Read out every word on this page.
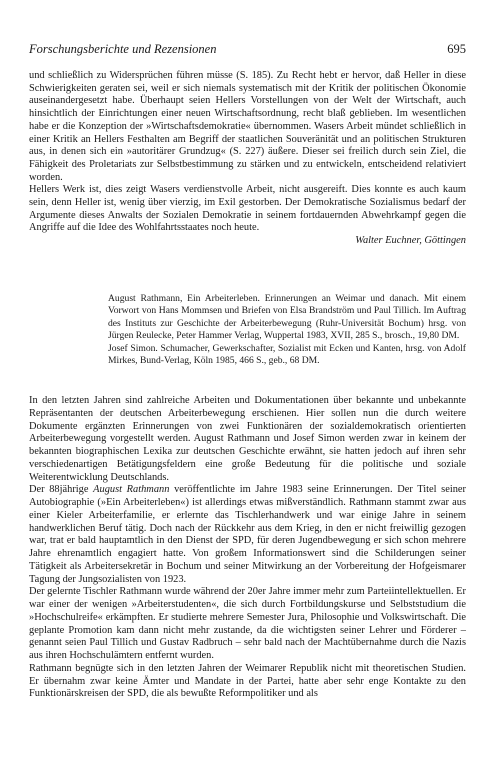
Forschungsberichte und Rezensionen	695

und schließlich zu Widersprüchen führen müsse (S. 185). Zu Recht hebt er hervor, daß Heller in diese Schwierigkeiten geraten sei, weil er sich niemals systematisch mit der Kritik der politischen Ökonomie auseinandergesetzt habe. Überhaupt seien Hellers Vorstellungen von der Welt der Wirtschaft, auch hinsichtlich der Einrichtungen einer neuen Wirtschaftsordnung, recht blaß geblieben. Im wesentlichen habe er die Konzeption der »Wirtschaftsdemokratie« übernommen. Wasers Arbeit mündet schließlich in einer Kritik an Hellers Festhalten am Begriff der staatlichen Souveränität und an politischen Strukturen aus, in denen sich ein »autoritärer Grundzug« (S. 227) äußere. Dieser sei freilich durch sein Ziel, die Fähigkeit des Proletariats zur Selbstbestimmung zu stärken und zu entwickeln, entscheidend relativiert worden.

Hellers Werk ist, dies zeigt Wasers verdienstvolle Arbeit, nicht ausgereift. Dies konnte es auch kaum sein, denn Heller ist, wenig über vierzig, im Exil gestorben. Der Demokratische Sozialismus bedarf der Argumente dieses Anwalts der Sozialen Demokratie in seinem fortdauernden Abwehrkampf gegen die Angriffe auf die Idee des Wohlfahrtsstaates noch heute.

Walter Euchner, Göttingen

August Rathmann, Ein Arbeiterleben. Erinnerungen an Weimar und danach. Mit einem Vorwort von Hans Mommsen und Briefen von Elsa Brandström und Paul Tillich. Im Auftrag des Instituts zur Geschichte der Arbeiterbewegung (Ruhr-Universität Bochum) hrsg. von Jürgen Reulecke, Peter Hammer Verlag, Wuppertal 1983, XVII, 285 S., brosch., 19,80 DM.

Josef Simon. Schumacher, Gewerkschafter, Sozialist mit Ecken und Kanten, hrsg. von Adolf Mirkes, Bund-Verlag, Köln 1985, 466 S., geb., 68 DM.

In den letzten Jahren sind zahlreiche Arbeiten und Dokumentationen über bekannte und unbekannte Repräsentanten der deutschen Arbeiterbewegung erschienen. Hier sollen nun die durch weitere Dokumente ergänzten Erinnerungen von zwei Funktionären der sozialdemokratisch orientierten Arbeiterbewegung vorgestellt werden. August Rathmann und Josef Simon werden zwar in keinem der bekannten biographischen Lexika zur deutschen Geschichte erwähnt, sie hatten jedoch auf ihren sehr verschiedenartigen Betätigungsfeldern eine große Bedeutung für die politische und soziale Weiterentwicklung Deutschlands.

Der 88jährige August Rathmann veröffentlichte im Jahre 1983 seine Erinnerungen. Der Titel seiner Autobiographie (»Ein Arbeiterleben«) ist allerdings etwas mißverständlich. Rathmann stammt zwar aus einer Kieler Arbeiterfamilie, er erlernte das Tischlerhandwerk und war einige Jahre in seinem handwerklichen Beruf tätig. Doch nach der Rückkehr aus dem Krieg, in den er nicht freiwillig gezogen war, trat er bald hauptamtlich in den Dienst der SPD, für deren Jugendbewegung er sich schon mehrere Jahre ehrenamtlich engagiert hatte. Von großem Informationswert sind die Schilderungen seiner Tätigkeit als Arbeitersekretär in Bochum und seiner Mitwirkung an der Vorbereitung der Hofgeismarer Tagung der Jungsozialisten von 1923.

Der gelernte Tischler Rathmann wurde während der 20er Jahre immer mehr zum Parteiintellektuellen. Er war einer der wenigen »Arbeiterstudenten«, die sich durch Fortbildungskurse und Selbststudium die »Hochschulreife« erkämpften. Er studierte mehrere Semester Jura, Philosophie und Volkswirtschaft. Die geplante Promotion kam dann nicht mehr zustande, da die wichtigsten seiner Lehrer und Förderer – genannt seien Paul Tillich und Gustav Radbruch – sehr bald nach der Machtübernahme durch die Nazis aus ihren Hochschulämtern entfernt wurden.

Rathmann begnügte sich in den letzten Jahren der Weimarer Republik nicht mit theoretischen Studien. Er übernahm zwar keine Ämter und Mandate in der Partei, hatte aber sehr enge Kontakte zu den Funktionärskreisen der SPD, die als bewußte Reformpolitiker und als
